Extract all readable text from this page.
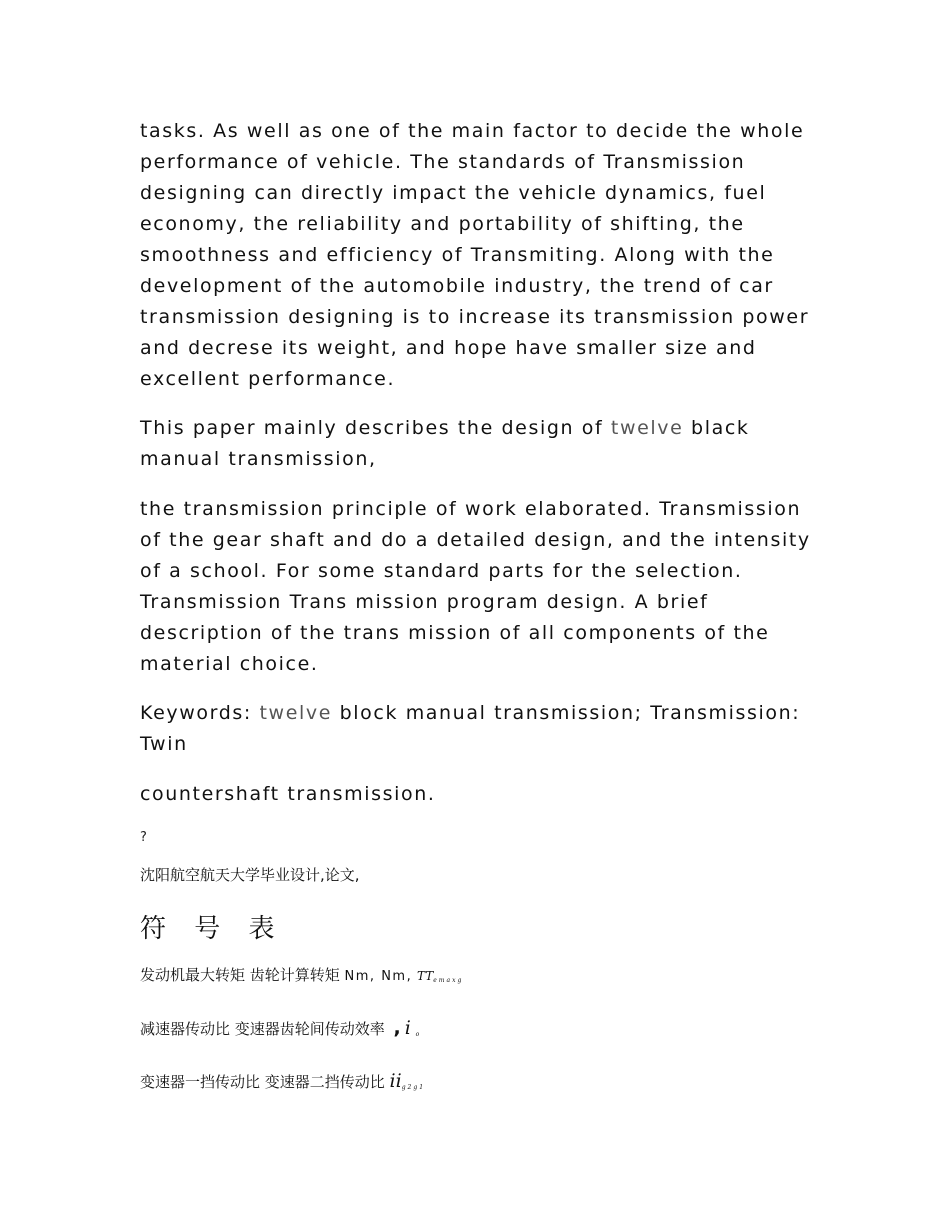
tasks. As well as one of the main factor to decide the whole performance of vehicle. The standards of Transmission designing can directly impact the vehicle dynamics, fuel economy, the reliability and portability of shifting, the smoothness and efficiency of Transmiting. Along with the development of the automobile industry, the trend of car transmission designing is to increase its transmission power and decrese its weight, and hope have smaller size and excellent performance.

This paper mainly describes the design of twelve black manual transmission,

the transmission principle of work elaborated. Transmission of the gear shaft and do a detailed design, and the intensity of a school. For some standard parts for the selection. Transmission Trans mission program design. A brief description of the trans mission of all components of the material choice.

Keywords: twelve block manual transmission; Transmission: Twin

countershaft transmission.

?

沈阳航空航天大学毕业设计,论文,

符 号 表

发动机最大转矩 齿轮计算转矩 Nm, Nm, $TT_{emaxg}$

减速器传动比 变速器齿轮间传动效率 , i $_o$

变速器一挡传动比 变速器二挡传动比 $ii_{g2g1}$
